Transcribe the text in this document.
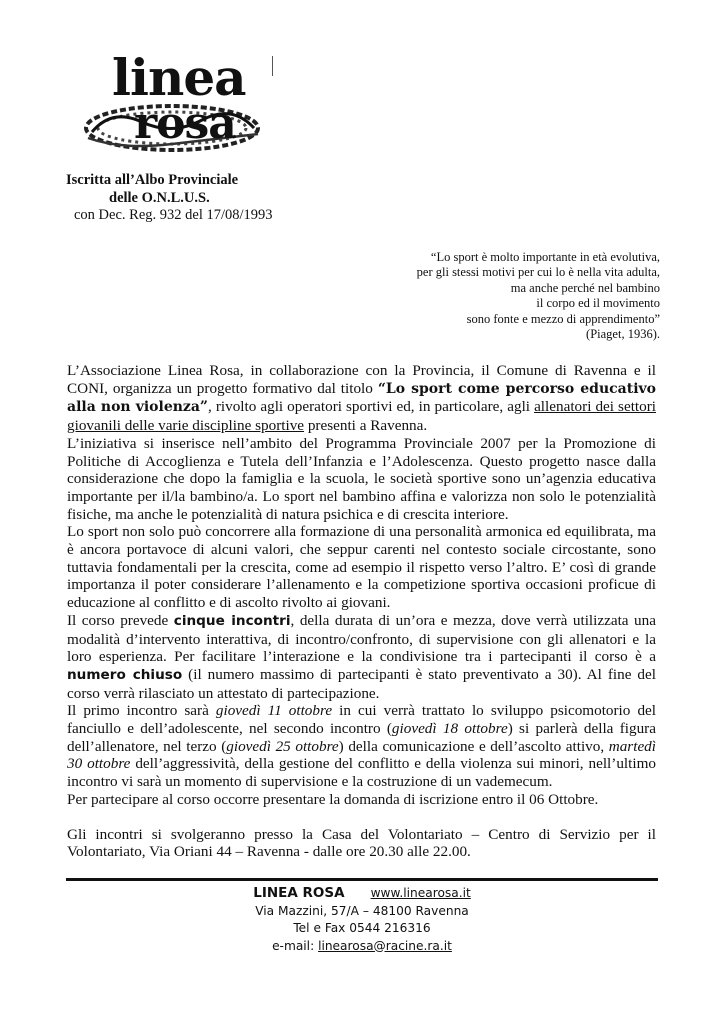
linea
rosa
Iscritta all’Albo Provinciale
delle O.N.L.U.S.
con Dec. Reg. 932 del 17/08/1993
“Lo sport è molto importante in età evolutiva,
per gli stessi motivi per cui lo è nella vita adulta,
ma anche perché nel bambino
il corpo ed il movimento
sono fonte e mezzo di apprendimento”
(Piaget, 1936).

L’Associazione Linea Rosa, in collaborazione con la Provincia, il Comune di Ravenna e il CONI, organizza un progetto formativo dal titolo “Lo sport come percorso educativo alla non violenza”, rivolto agli operatori sportivi ed, in particolare, agli allenatori dei settori giovanili delle varie discipline sportive presenti a Ravenna.

L’iniziativa si inserisce nell’ambito del Programma Provinciale 2007 per la Promozione di Politiche di Accoglienza e Tutela dell’Infanzia e l’Adolescenza. Questo progetto nasce dalla considerazione che dopo la famiglia e la scuola, le società sportive sono un’agenzia educativa importante per il/la bambino/a. Lo sport nel bambino affina e valorizza non solo le potenzialità fisiche, ma anche le potenzialità di natura psichica e di crescita interiore.

Lo sport non solo può concorrere alla formazione di una personalità armonica ed equilibrata, ma è ancora portavoce di alcuni valori, che seppur carenti nel contesto sociale circostante, sono tuttavia fondamentali per la crescita, come ad esempio il rispetto verso l’altro. E’ così di grande importanza il poter considerare l’allenamento e la competizione sportiva occasioni proficue di educazione al conflitto e di ascolto rivolto ai giovani.

Il corso prevede cinque incontri, della durata di un’ora e mezza, dove verrà utilizzata una modalità d’intervento interattiva, di incontro/confronto, di supervisione con gli allenatori e la loro esperienza. Per facilitare l’interazione e la condivisione tra i partecipanti il corso è a numero chiuso (il numero massimo di partecipanti è stato preventivato a 30). Al fine del corso verrà rilasciato un attestato di partecipazione.

Il primo incontro sarà giovedì 11 ottobre in cui verrà trattato lo sviluppo psicomotorio del fanciullo e dell’adolescente, nel secondo incontro (giovedì 18 ottobre) si parlerà della figura dell’allenatore, nel terzo (giovedì 25 ottobre) della comunicazione e dell’ascolto attivo, martedì 30 ottobre dell’aggressività, della gestione del conflitto e della violenza sui minori, nell’ultimo incontro vi sarà un momento di supervisione e la costruzione di un vademecum.

Per partecipare al corso occorre presentare la domanda di iscrizione entro il 06 Ottobre.

Gli incontri si svolgeranno presso la Casa del Volontariato – Centro di Servizio per il Volontariato, Via Oriani 44 – Ravenna - dalle ore 20.30 alle 22.00.

LINEA ROSA www.linearosa.it
Via Mazzini, 57/A – 48100 Ravenna
Tel e Fax 0544 216316
e-mail: linearosa@racine.ra.it
